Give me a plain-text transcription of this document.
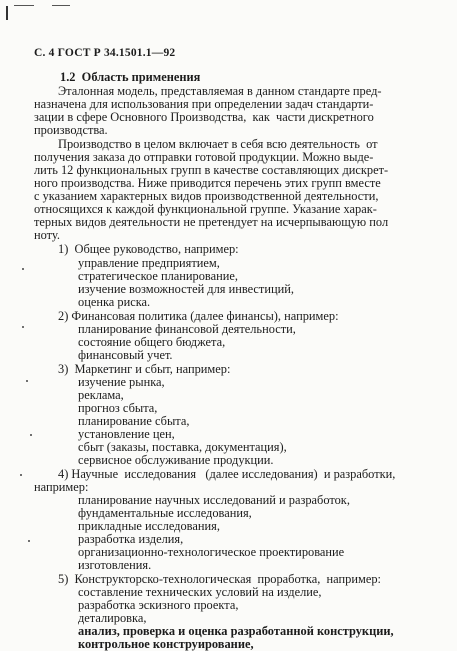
С. 4 ГОСТ Р 34.1501.1—92
1.2  Область применения
Эталонная модель, представляемая в данном стандарте пред-
назначена для использования при определении задач стандарти-
зации в сфере Основного Производства,  как  части дискретного
производства.
Производство в целом включает в себя всю деятельность  от
получения заказа до отправки готовой продукции. Можно выде-
лить 12 функциональных групп в качестве составляющих дискрет-
ного производства. Ниже приводится перечень этих групп вместе
с указанием характерных видов производственной деятельности,
относящихся к каждой функциональной группе. Указание харак-
терных видов деятельности не претендует на исчерпывающую пол
ноту.
1)  Общее руководство, например:
управление предприятием,
стратегическое планирование,
изучение возможностей для инвестиций,
оценка риска.
2) Финансовая политика (далее финансы), например:
планирование финансовой деятельности,
состояние общего бюджета,
финансовый учет.
3)  Маркетинг и сбыт, например:
изучение рынка,
реклама,
прогноз сбыта,
планирование сбыта,
установление цен,
сбыт (заказы, поставка, документация),
сервисное обслуживание продукции.
4) Научные  исследования   (далее исследования)  и разработки,
например:
планирование научных исследований и разработок,
фундаментальные исследования,
прикладные исследования,
разработка изделия,
организационно-технологическое проектирование
изготовления.
5)  Конструкторско-технологическая  проработка,  например:
составление технических условий на изделие,
разработка эскизного проекта,
деталировка,
анализ, проверка и оценка разработанной конструкции,
контрольное конструирование,
